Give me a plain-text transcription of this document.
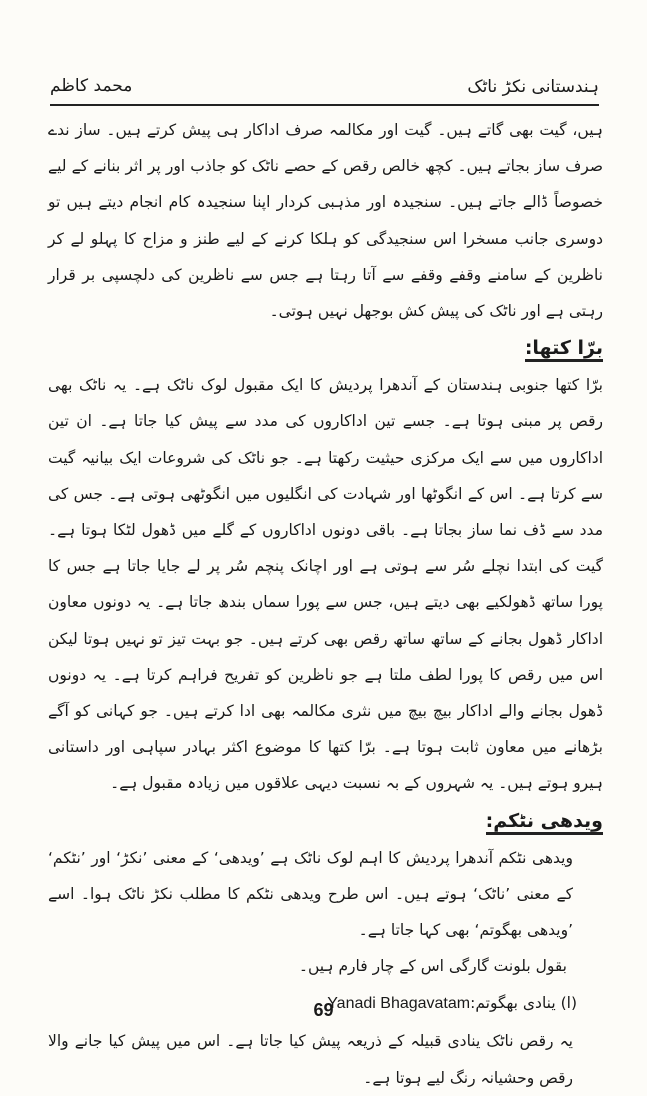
ہندستانی نکڑ ناٹک
محمد کاظم

ہیں، گیت بھی گاتے ہیں۔ گیت اور مکالمہ صرف اداکار ہی پیش کرتے ہیں۔ ساز ندے صرف ساز بجاتے ہیں۔ کچھ خالص رقص کے حصے ناٹک کو جاذب اور پر اثر بنانے کے لیے خصوصاً ڈالے جاتے ہیں۔ سنجیدہ اور مذہبی کردار اپنا سنجیدہ کام انجام دیتے ہیں تو دوسری جانب مسخرا اس سنجیدگی کو ہلکا کرنے کے لیے طنز و مزاح کا پہلو لے کر ناظرین کے سامنے وقفے وقفے سے آتا رہتا ہے جس سے ناظرین کی دلچسپی بر قرار رہتی ہے اور ناٹک کی پیش کش بوجھل نہیں ہوتی۔

برّا کتھا:

برّا کتھا جنوبی ہندستان کے آندھرا پردیش کا ایک مقبول لوک ناٹک ہے۔ یہ ناٹک بھی رقص پر مبنی ہوتا ہے۔ جسے تین اداکاروں کی مدد سے پیش کیا جاتا ہے۔ ان تین اداکاروں میں سے ایک مرکزی حیثیت رکھتا ہے۔ جو ناٹک کی شروعات ایک بیانیہ گیت سے کرتا ہے۔ اس کے انگوٹھا اور شہادت کی انگلیوں میں انگوٹھی ہوتی ہے۔ جس کی مدد سے ڈف نما ساز بجاتا ہے۔ باقی دونوں اداکاروں کے گلے میں ڈھول لٹکا ہوتا ہے۔ گیت کی ابتدا نچلے سُر سے ہوتی ہے اور اچانک پنچم سُر پر لے جایا جاتا ہے جس کا پورا ساتھ ڈھولکیے بھی دیتے ہیں، جس سے پورا سماں بندھ جاتا ہے۔ یہ دونوں معاون اداکار ڈھول بجانے کے ساتھ ساتھ رقص بھی کرتے ہیں۔ جو بہت تیز تو نہیں ہوتا لیکن اس میں رقص کا پورا لطف ملتا ہے جو ناظرین کو تفریح فراہم کرتا ہے۔ یہ دونوں ڈھول بجانے والے اداکار بیچ بیچ میں نثری مکالمہ بھی ادا کرتے ہیں۔ جو کہانی کو آگے بڑھانے میں معاون ثابت ہوتا ہے۔ برّا کتھا کا موضوع اکثر بہادر سپاہی اور داستانی ہیرو ہوتے ہیں۔ یہ شہروں کے بہ نسبت دیہی علاقوں میں زیادہ مقبول ہے۔

ویدھی نٹکم:

ویدھی نٹکم آندھرا پردیش کا اہم لوک ناٹک ہے ’ویدھی‘ کے معنی ’نکڑ‘ اور ’نٹکم‘ کے معنی ’ناٹک‘ ہوتے ہیں۔ اس طرح ویدھی نٹکم کا مطلب نکڑ ناٹک ہوا۔ اسے ’ویدھی بھگوتم‘ بھی کہا جاتا ہے۔

بقول بلونت گارگی اس کے چار فارم ہیں۔

(ا) ینادی بھگوتم:Yanadi Bhagavatam

یہ رقص ناٹک ینادی قبیلہ کے ذریعہ پیش کیا جاتا ہے۔ اس میں پیش کیا جانے والا رقص وحشیانہ رنگ لیے ہوتا ہے۔

69
